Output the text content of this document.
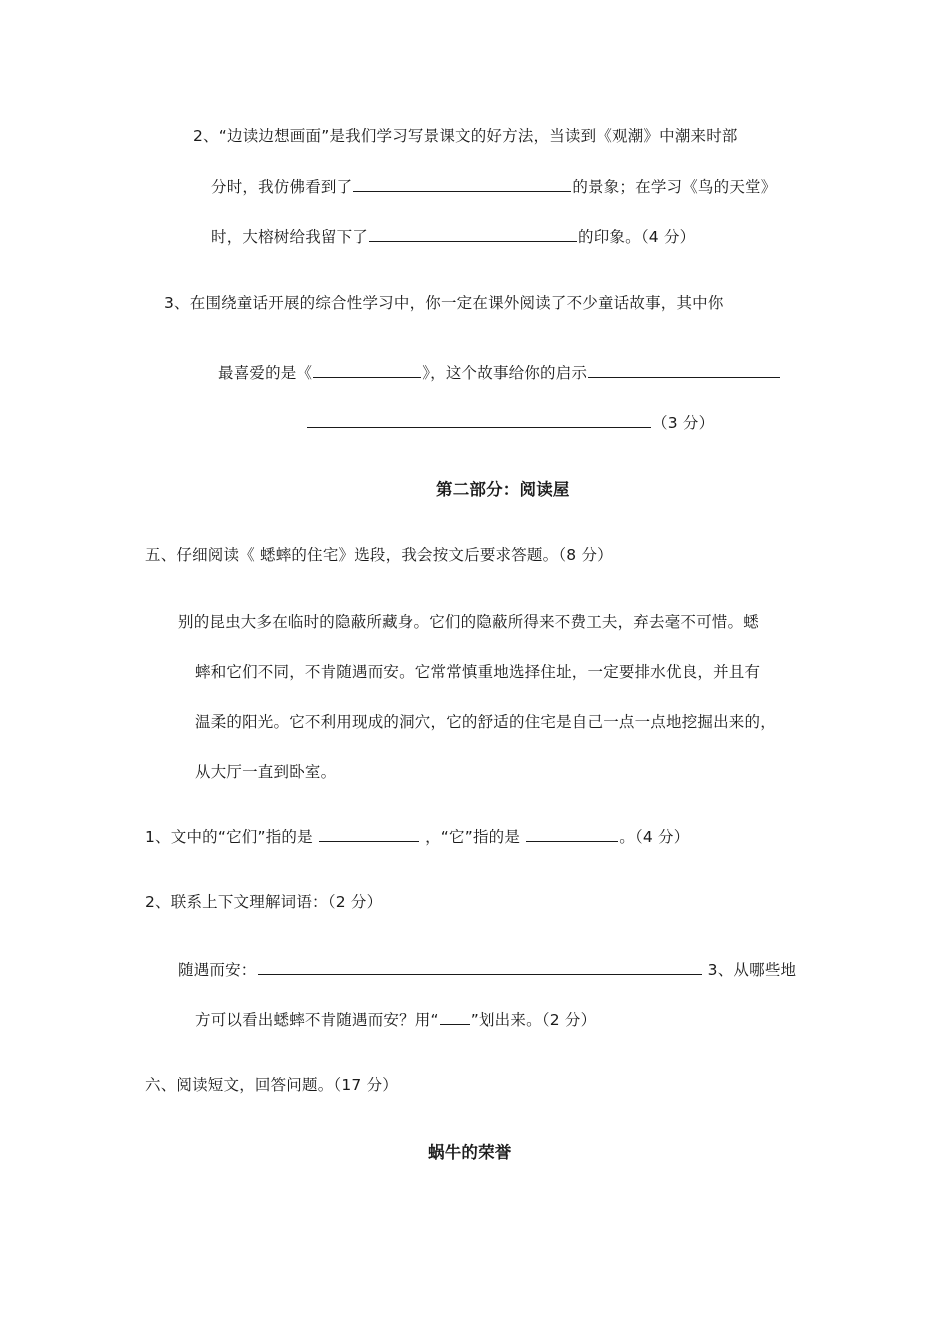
2、“边读边想画面”是我们学习写景课文的好方法，当读到《观潮》中潮来时部
分时，我仿佛看到了	的景象；在学习《鸟的天堂》
时，大榕树给我留下了	的印象。（4 分）
3、在围绕童话开展的综合性学习中，你一定在课外阅读了不少童话故事，其中你
最喜爱的是《	》，这个故事给你的启示
（3 分）
第二部分：阅读屋
五、仔细阅读《 蟋蟀的住宅》选段，我会按文后要求答题。（8 分）
别的昆虫大多在临时的隐蔽所藏身。它们的隐蔽所得来不费工夫，弃去毫不可惜。蟋
蟀和它们不同，不肯随遇而安。它常常慎重地选择住址，一定要排水优良，并且有
温柔的阳光。它不利用现成的洞穴，它的舒适的住宅是自己一点一点地挖掘出来的，
从大厅一直到卧室。
1、文中的“它们”指的是	，“它”指的是	。（4 分）
2、联系上下文理解词语：（2 分）
随遇而安：	3、从哪些地
方可以看出蟋蟀不肯随遇而安？用“ ”划出来。（2 分）
六、阅读短文，回答问题。（17 分）
蜗牛的荣誉
